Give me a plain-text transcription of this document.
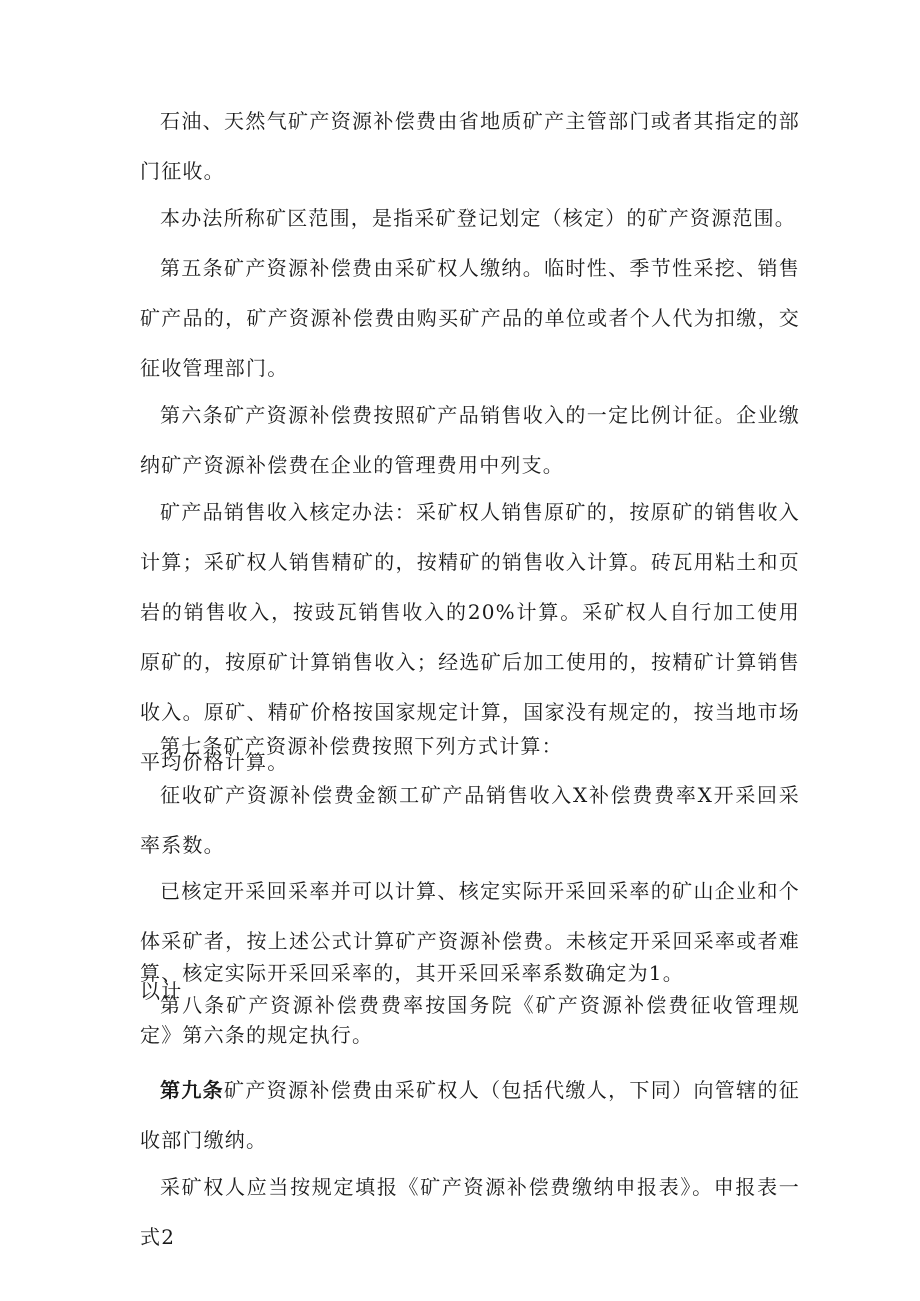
石油、天然气矿产资源补偿费由省地质矿产主管部门或者其指定的部门征收。

本办法所称矿区范围，是指采矿登记划定（核定）的矿产资源范围。

第五条矿产资源补偿费由采矿权人缴纳。临时性、季节性采挖、销售矿产品的，矿产资源补偿费由购买矿产品的单位或者个人代为扣缴，交征收管理部门。

第六条矿产资源补偿费按照矿产品销售收入的一定比例计征。企业缴纳矿产资源补偿费在企业的管理费用中列支。

矿产品销售收入核定办法：采矿权人销售原矿的，按原矿的销售收入计算；采矿权人销售精矿的，按精矿的销售收入计算。砖瓦用粘土和页岩的销售收入，按豉瓦销售收入的20%计算。采矿权人自行加工使用原矿的，按原矿计算销售收入；经选矿后加工使用的，按精矿计算销售收入。原矿、精矿价格按国家规定计算，国家没有规定的，按当地市场平均价格计算。

第七条矿产资源补偿费按照下列方式计算：

征收矿产资源补偿费金额工矿产品销售收入X补偿费费率X开采回采率系数。

已核定开采回采率并可以计算、核定实际开采回采率的矿山企业和个体采矿者，按上述公式计算矿产资源补偿费。未核定开采回采率或者难以计

算、核定实际开采回采率的，其开采回采率系数确定为1。

第八条矿产资源补偿费费率按国务院《矿产资源补偿费征收管理规定》第六条的规定执行。

第九条矿产资源补偿费由采矿权人（包括代缴人，下同）向管辖的征收部门缴纳。

采矿权人应当按规定填报《矿产资源补偿费缴纳申报表》。申报表一式2
